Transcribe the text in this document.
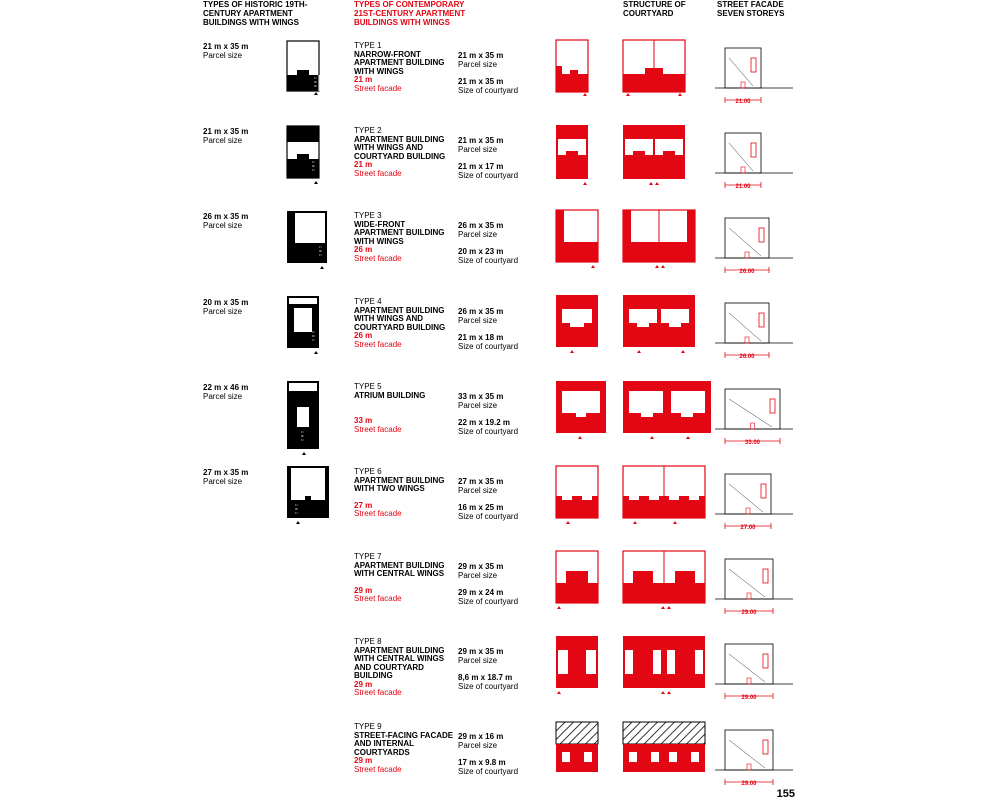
TYPES OF HISTORIC 19TH-CENTURY APARTMENT BUILDINGS WITH WINGS
TYPES OF CONTEMPORARY 21ST-CENTURY APARTMENT BUILDINGS WITH WINGS
STRUCTURE OF COURTYARD
STREET FACADE SEVEN STOREYS
21 m x 35 m
Parcel size
21 m x 35 m
Parcel size
26 m x 35 m
Parcel size
20 m x 35 m
Parcel size
22 m x 46 m
Parcel size
27 m x 35 m
Parcel size
I I
III
III
I I
III
I I
I I
III
I I
I I
III
I I
I I
III
I I
I I
III
I I
TYPE 1
NARROW-FRONT APARTMENT BUILDING WITH WINGS
21 m
Street facade
21 m x 35 m
Parcel size
21 m x 35 m
Size of courtyard
TYPE 2
APARTMENT BUILDING WITH WINGS AND COURTYARD BUILDING
21 m
Street facade
21 m x 35 m
Parcel size
21 m x 17 m
Size of courtyard
TYPE 3
WIDE-FRONT APARTMENT BUILDING WITH WINGS
26 m
Street facade
26 m x 35 m
Parcel size
20 m x 23 m
Size of courtyard
TYPE 4
APARTMENT BUILDING WITH WINGS AND COURTYARD BUILDING
26 m
Street facade
26 m x 35 m
Parcel size
21 m x 18 m
Size of courtyard
TYPE 5
ATRIUM BUILDING
33 m
Street facade
33 m x 35 m
Parcel size
22 m x 19.2 m
Size of courtyard
TYPE 6
APARTMENT BUILDING WITH TWO WINGS
27 m
Street facade
27 m x 35 m
Parcel size
16 m x 25 m
Size of courtyard
TYPE 7
APARTMENT BUILDING WITH CENTRAL WINGS
29 m
Street facade
29 m x 35 m
Parcel size
29 m x 24 m
Size of courtyard
TYPE 8
APARTMENT BUILDING WITH CENTRAL WINGS AND COURTYARD BUILDING
29 m
Street facade
29 m x 35 m
Parcel size
8,6 m x 18.7 m
Size of courtyard
TYPE 9
STREET-FACING FACADE AND INTERNAL COURTYARDS
29 m
Street facade
29 m x 16 m
Parcel size
17 m x 9.8 m
Size of courtyard
21.00
21.00
26.00
26.00
33.00
27.00
29.00
29.00
29.00
155
